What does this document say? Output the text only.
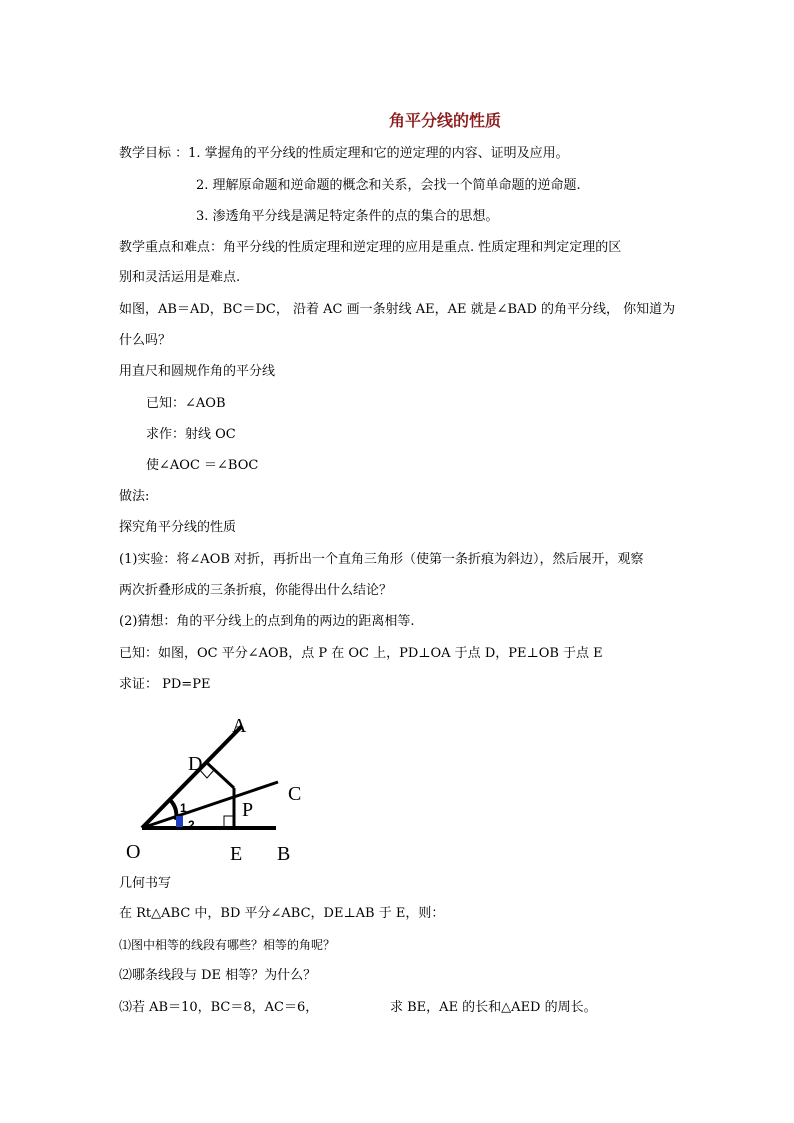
角平分线的性质
教学目标 ：1. 掌握角的平分线的性质定理和它的逆定理的内容、证明及应用。
2. 理解原命题和逆命题的概念和关系，会找一个简单命题的逆命题.
3. 渗透角平分线是满足特定条件的点的集合的思想。
教学重点和难点：角平分线的性质定理和逆定理的应用是重点. 性质定理和判定定理的区
别和灵活运用是难点.
如图，AB＝AD，BC＝DC， 沿着 AC 画一条射线 AE，AE 就是∠BAD 的角平分线， 你知道为
什么吗？
用直尺和圆规作角的平分线
已知：∠AOB
求作：射线 OC
使∠AOC ＝∠BOC
做法:
探究角平分线的性质
(1)实验：将∠AOB 对折，再折出一个直角三角形（使第一条折痕为斜边），然后展开，观察
两次折叠形成的三条折痕，你能得出什么结论？
(2)猜想：角的平分线上的点到角的两边的距离相等.
已知：如图，OC 平分∠AOB，点 P 在 OC 上，PD⊥OA 于点 D，PE⊥OB 于点 E
求证： PD=PE
A
C
D
P
O	E B
1
2
几何书写
在 Rt△ABC 中，BD 平分∠ABC，DE⊥AB 于 E，则：
⑴图中相等的线段有哪些？相等的角呢？
⑵哪条线段与 DE 相等？为什么？
⑶若 AB＝10，BC＝8，AC＝6，	求 BE，AE 的长和△AED 的周长。
